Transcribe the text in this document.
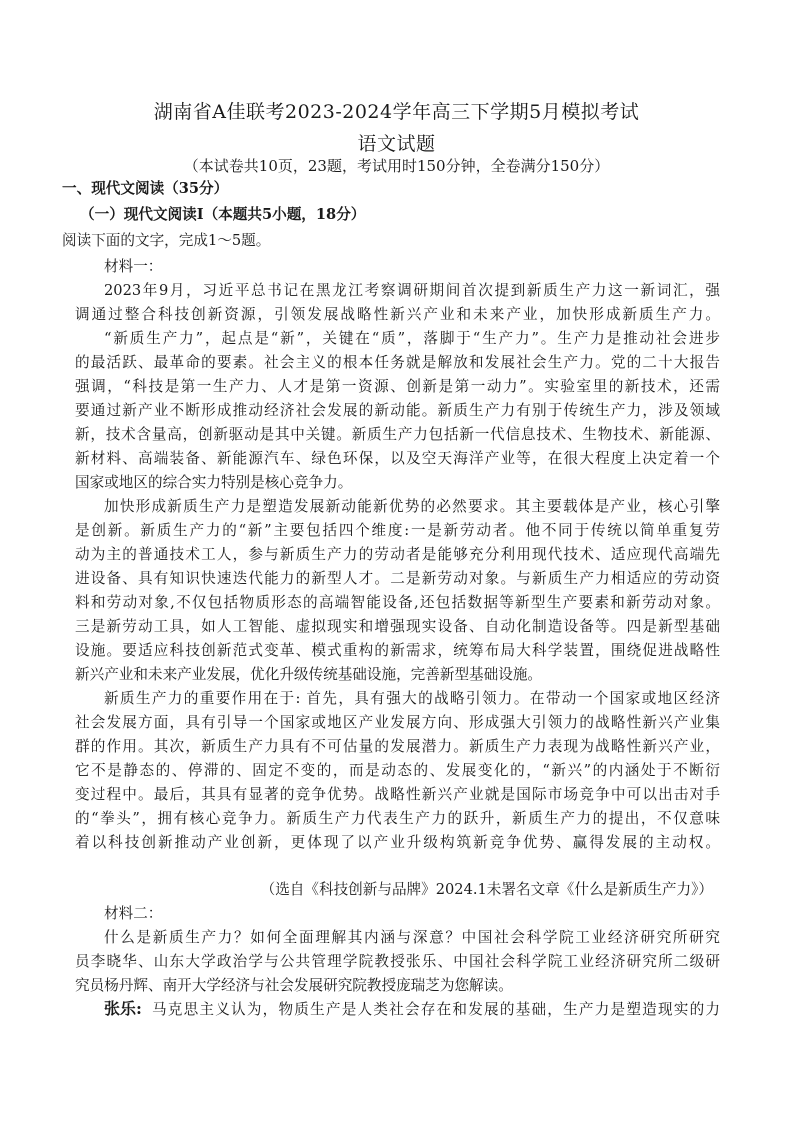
湖南省A佳联考2023-2024学年高三下学期5月模拟考试
语文试题
（本试卷共10页，23题，考试用时150分钟，全卷满分150分）
一、现代文阅读（35分）
（一）现代文阅读Ⅰ（本题共5小题，18分）
阅读下面的文字，完成1～5题。
材料一：
2023年9月，习近平总书记在黑龙江考察调研期间首次提到新质生产力这一新词汇，强
调通过整合科技创新资源，引领发展战略性新兴产业和未来产业，加快形成新质生产力。
“新质生产力”，起点是“新”，关键在“质”，落脚于“生产力”。生产力是推动社会进步
的最活跃、最革命的要素。社会主义的根本任务就是解放和发展社会生产力。党的二十大报告
强调，“科技是第一生产力、人才是第一资源、创新是第一动力”。实验室里的新技术，还需
要通过新产业不断形成推动经济社会发展的新动能。新质生产力有别于传统生产力，涉及领域
新，技术含量高，创新驱动是其中关键。新质生产力包括新一代信息技术、生物技术、新能源、
新材料、高端装备、新能源汽车、绿色环保，以及空天海洋产业等，在很大程度上决定着一个
国家或地区的综合实力特别是核心竞争力。
加快形成新质生产力是塑造发展新动能新优势的必然要求。其主要载体是产业，核心引擎
是创新。新质生产力的“新”主要包括四个维度:一是新劳动者。他不同于传统以简单重复劳
动为主的普通技术工人，参与新质生产力的劳动者是能够充分利用现代技术、适应现代高端先
进设备、具有知识快速迭代能力的新型人才。二是新劳动对象。与新质生产力相适应的劳动资
料和劳动对象,不仅包括物质形态的高端智能设备,还包括数据等新型生产要素和新劳动对象。
三是新劳动工具，如人工智能、虚拟现实和增强现实设备、自动化制造设备等。四是新型基础
设施。要适应科技创新范式变革、模式重构的新需求，统筹布局大科学装置，围绕促进战略性
新兴产业和未来产业发展，优化升级传统基础设施，完善新型基础设施。
新质生产力的重要作用在于: 首先，具有强大的战略引领力。在带动一个国家或地区经济
社会发展方面，具有引导一个国家或地区产业发展方向、形成强大引领力的战略性新兴产业集
群的作用。其次，新质生产力具有不可估量的发展潜力。新质生产力表现为战略性新兴产业，
它不是静态的、停滞的、固定不变的，而是动态的、发展变化的，“新兴”的内涵处于不断衍
变过程中。最后，其具有显著的竞争优势。战略性新兴产业就是国际市场竞争中可以出击对手
的“拳头”，拥有核心竞争力。新质生产力代表生产力的跃升，新质生产力的提出，不仅意味
着以科技创新推动产业创新，更体现了以产业升级构筑新竞争优势、赢得发展的主动权。
（选自《科技创新与品牌》2024.1未署名文章《什么是新质生产力》）
材料二：
什么是新质生产力？如何全面理解其内涵与深意？中国社会科学院工业经济研究所研究
员李晓华、山东大学政治学与公共管理学院教授张乐、中国社会科学院工业经济研究所二级研
究员杨丹辉、南开大学经济与社会发展研究院教授庞瑞芝为您解读。
张乐: 马克思主义认为，物质生产是人类社会存在和发展的基础，生产力是塑造现实的力
